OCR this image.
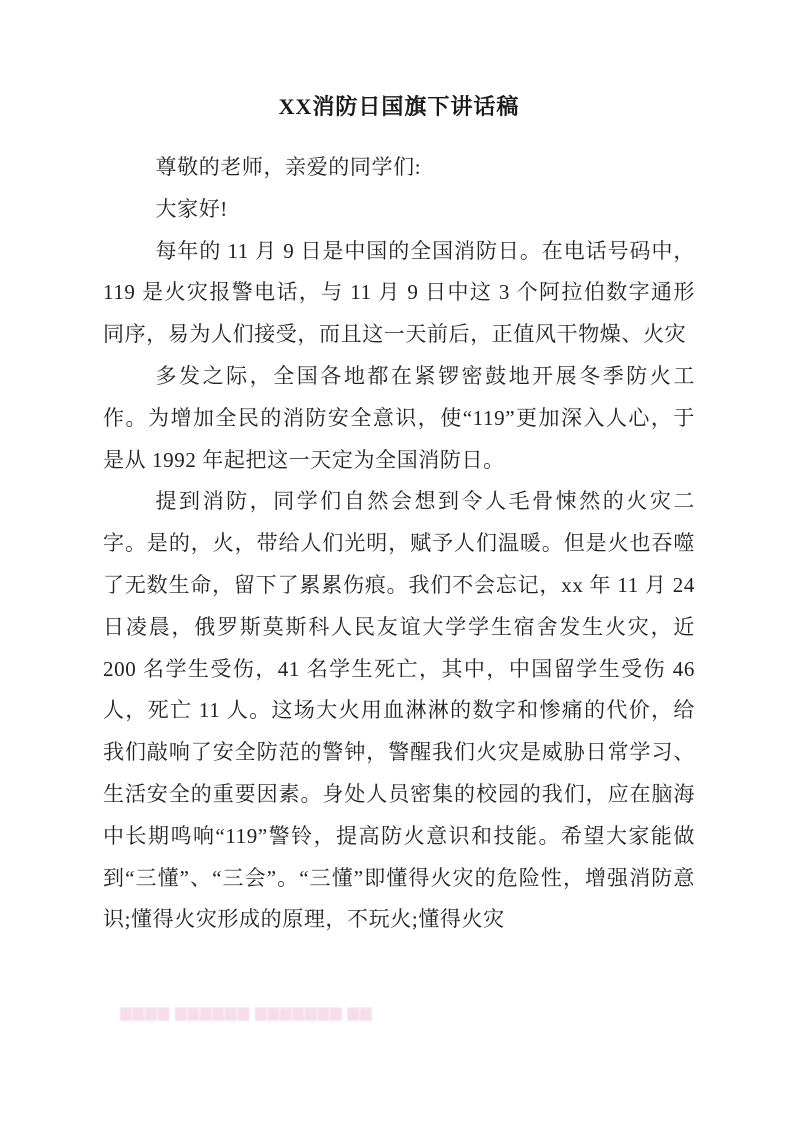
XX消防日国旗下讲话稿

尊敬的老师，亲爱的同学们:

大家好!

每年的 11 月 9 日是中国的全国消防日。在电话号码中，119 是火灾报警电话，与 11 月 9 日中这 3 个阿拉伯数字通形同序，易为人们接受，而且这一天前后，正值风干物燥、火灾

多发之际，全国各地都在紧锣密鼓地开展冬季防火工作。为增加全民的消防安全意识，使“119”更加深入人心，于是从 1992 年起把这一天定为全国消防日。

提到消防，同学们自然会想到令人毛骨悚然的火灾二字。是的，火，带给人们光明，赋予人们温暖。但是火也吞噬了无数生命，留下了累累伤痕。我们不会忘记，xx 年 11 月 24 日凌晨，俄罗斯莫斯科人民友谊大学学生宿舍发生火灾，近 200 名学生受伤，41 名学生死亡，其中，中国留学生受伤 46 人，死亡 11 人。这场大火用血淋淋的数字和惨痛的代价，给我们敲响了安全防范的警钟，警醒我们火灾是威胁日常学习、生活安全的重要因素。身处人员密集的校园的我们，应在脑海中长期鸣响“119”警铃，提高防火意识和技能。希望大家能做到“三懂”、“三会”。“三懂”即懂得火灾的危险性，增强消防意识;懂得火灾形成的原理，不玩火;懂得火灾

▆▆▆▆ ▆▆▆▆▆▆ ▆▆▆▆▆▆▆ ▆▆
